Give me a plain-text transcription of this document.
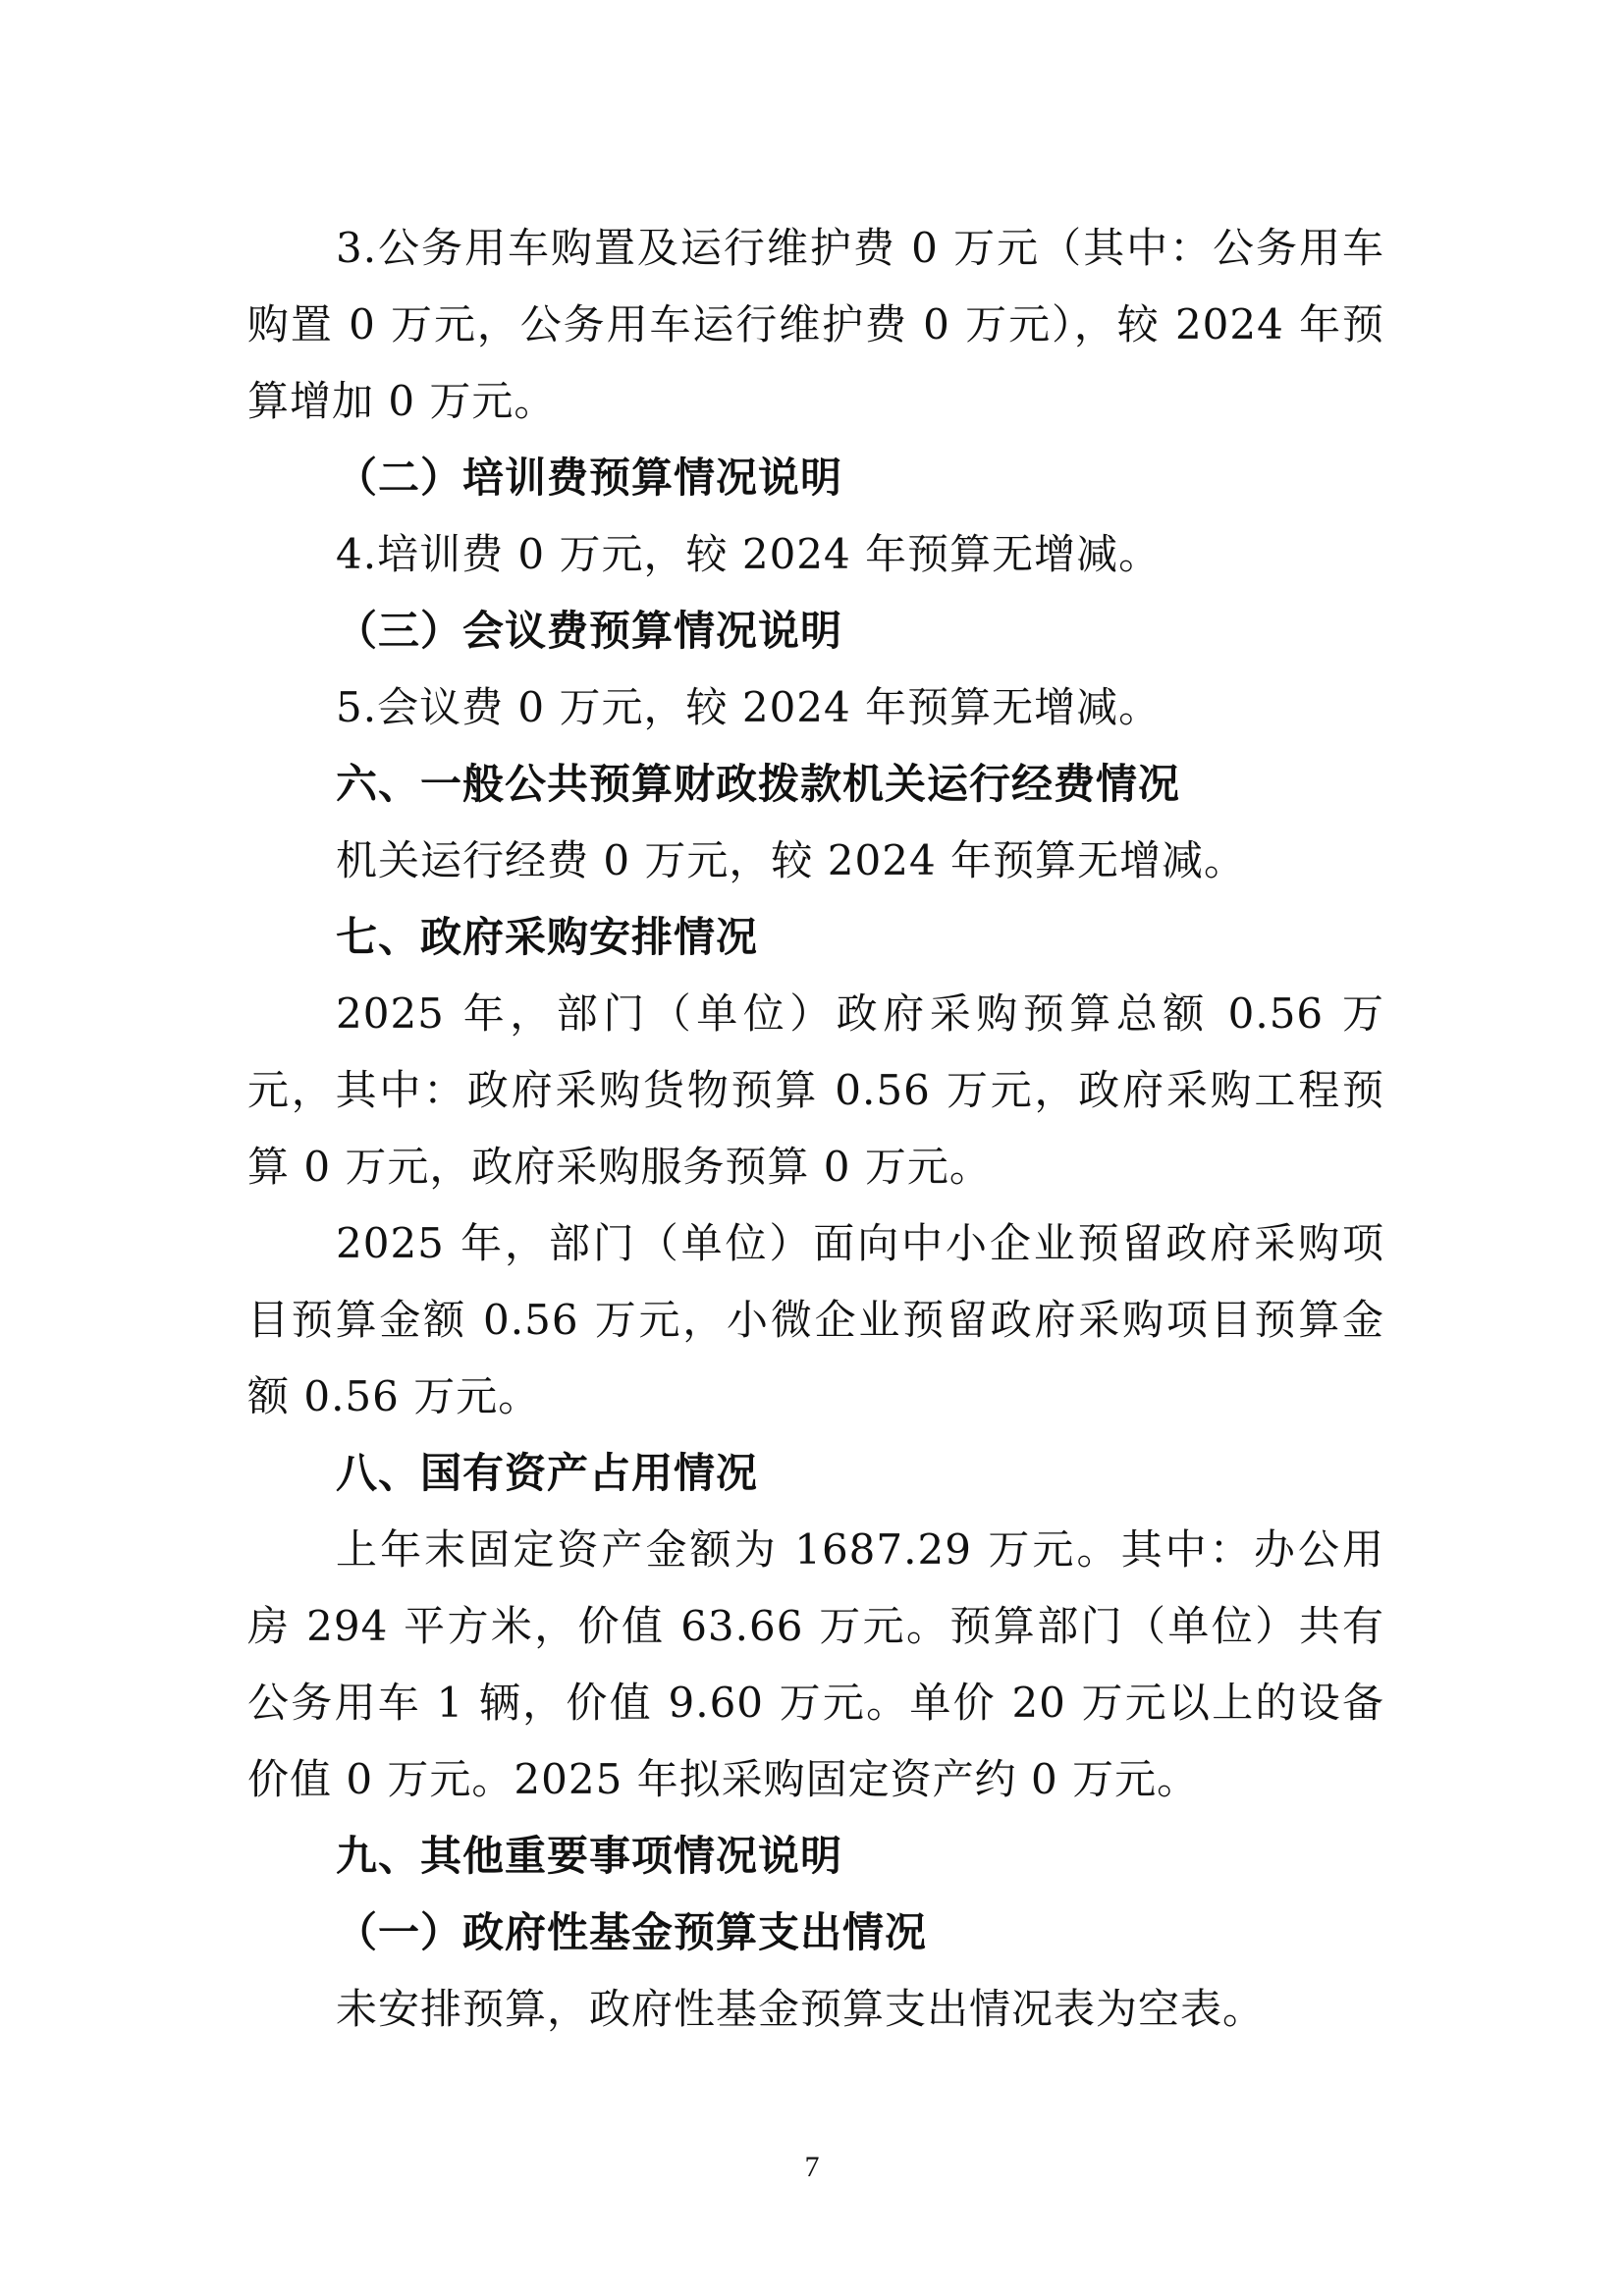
3.公务用车购置及运行维护费 0 万元（其中：公务用车购置 0 万元，公务用车运行维护费 0 万元），较 2024 年预算增加 0 万元。

（二）培训费预算情况说明

4.培训费 0 万元，较 2024 年预算无增减。

（三）会议费预算情况说明

5.会议费 0 万元，较 2024 年预算无增减。

六、一般公共预算财政拨款机关运行经费情况

机关运行经费 0 万元，较 2024 年预算无增减。

七、政府采购安排情况

2025 年，部门（单位）政府采购预算总额 0.56 万元，其中：政府采购货物预算 0.56 万元，政府采购工程预算 0 万元，政府采购服务预算 0 万元。

2025 年，部门（单位）面向中小企业预留政府采购项目预算金额 0.56 万元，小微企业预留政府采购项目预算金额 0.56 万元。

八、国有资产占用情况

上年末固定资产金额为 1687.29 万元。其中：办公用房 294 平方米，价值 63.66 万元。预算部门（单位）共有公务用车 1 辆，价值 9.60 万元。单价 20 万元以上的设备价值 0 万元。2025 年拟采购固定资产约 0 万元。

九、其他重要事项情况说明

（一）政府性基金预算支出情况

未安排预算，政府性基金预算支出情况表为空表。

7
